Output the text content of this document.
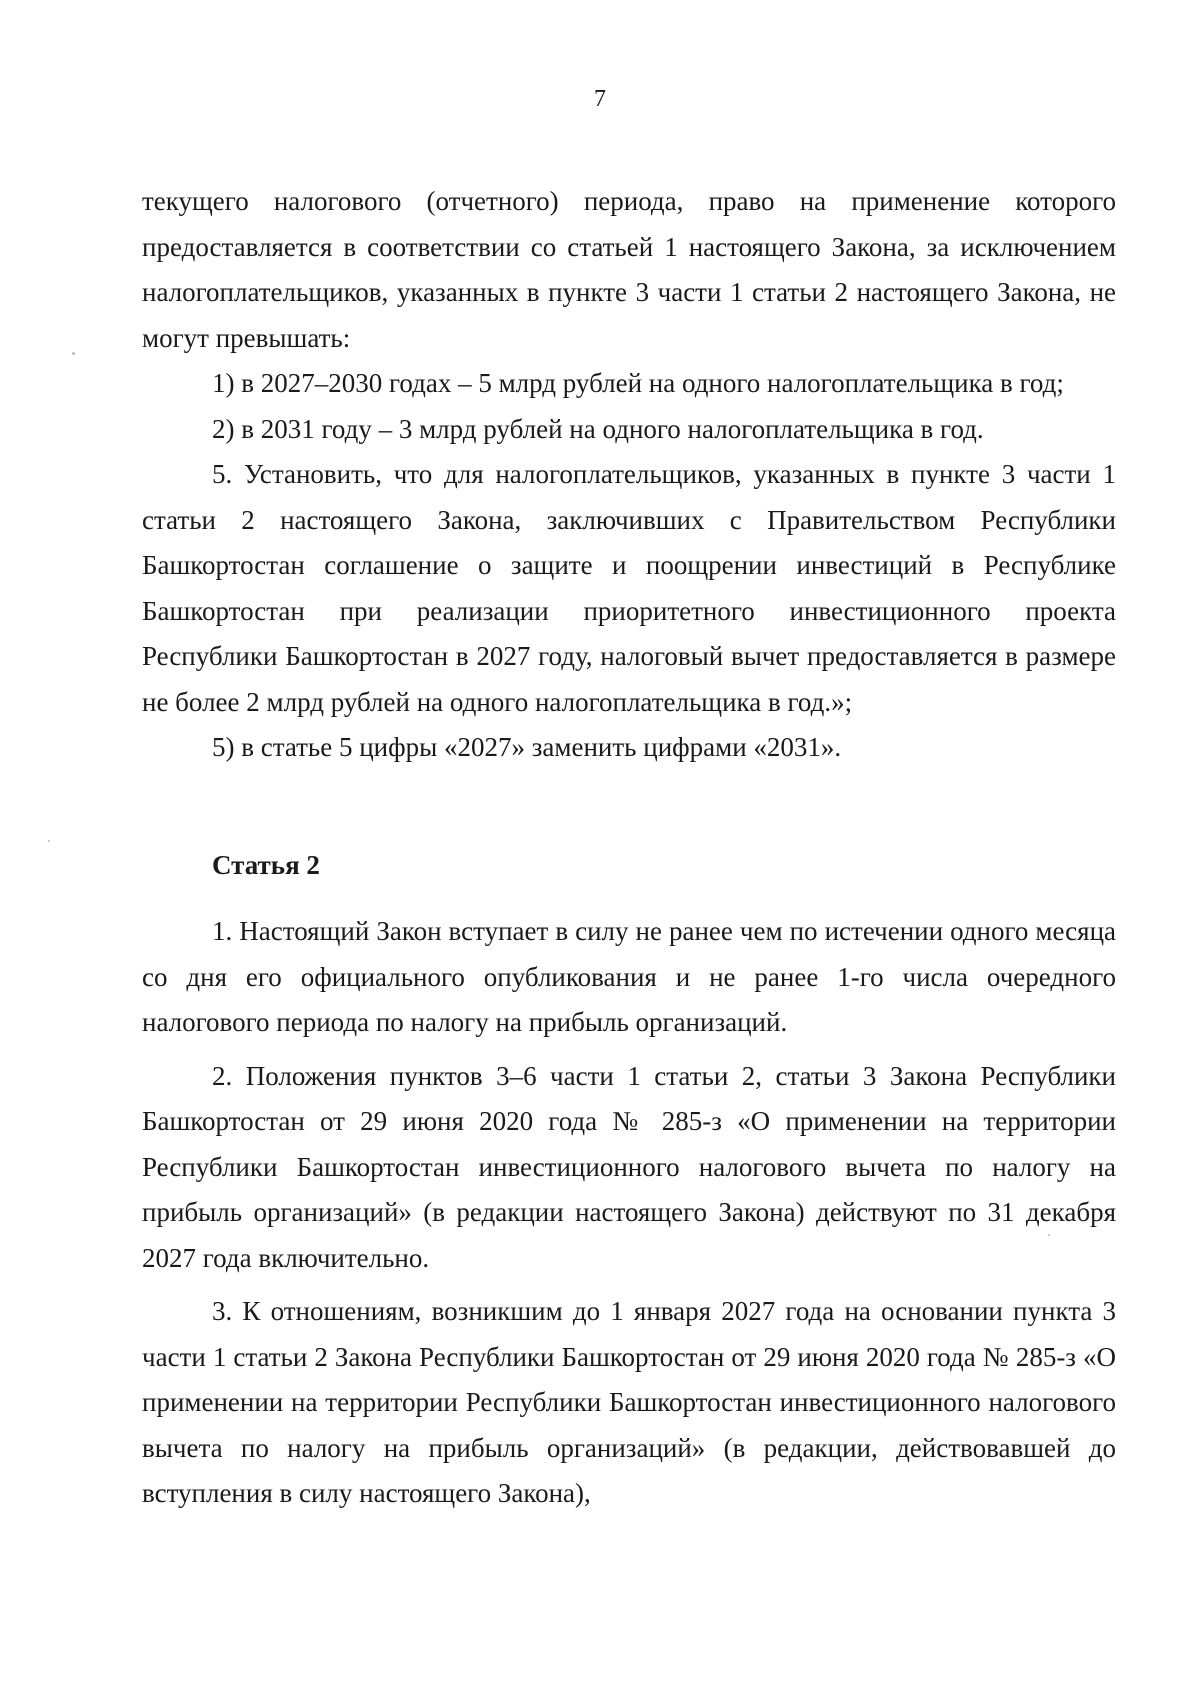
7

текущего налогового (отчетного) периода, право на применение которого предоставляется в соответствии со статьей 1 настоящего Закона, за исключением налогоплательщиков, указанных в пункте 3 части 1 статьи 2 настоящего Закона, не могут превышать:

1) в 2027–2030 годах – 5 млрд рублей на одного налогоплательщика в год;

2) в 2031 году – 3 млрд рублей на одного налогоплательщика в год.

5. Установить, что для налогоплательщиков, указанных в пункте 3 части 1 статьи 2 настоящего Закона, заключивших с Правительством Республики Башкортостан соглашение о защите и поощрении инвестиций в Республике Башкортостан при реализации приоритетного инвестиционного проекта Республики Башкортостан в 2027 году, налоговый вычет предоставляется в размере не более 2 млрд рублей на одного налогоплательщика в год.»;

5) в статье 5 цифры «2027» заменить цифрами «2031».

Статья 2

1. Настоящий Закон вступает в силу не ранее чем по истечении одного месяца со дня его официального опубликования и не ранее 1-го числа очередного налогового периода по налогу на прибыль организаций.

2. Положения пунктов 3–6 части 1 статьи 2, статьи 3 Закона Республики Башкортостан от 29 июня 2020 года № 285-з «О применении на территории Республики Башкортостан инвестиционного налогового вычета по налогу на прибыль организаций» (в редакции настоящего Закона) действуют по 31 декабря 2027 года включительно.

3. К отношениям, возникшим до 1 января 2027 года на основании пункта 3 части 1 статьи 2 Закона Республики Башкортостан от 29 июня 2020 года № 285-з «О применении на территории Республики Башкортостан инвестиционного налогового вычета по налогу на прибыль организаций» (в редакции, действовавшей до вступления в силу настоящего Закона),
